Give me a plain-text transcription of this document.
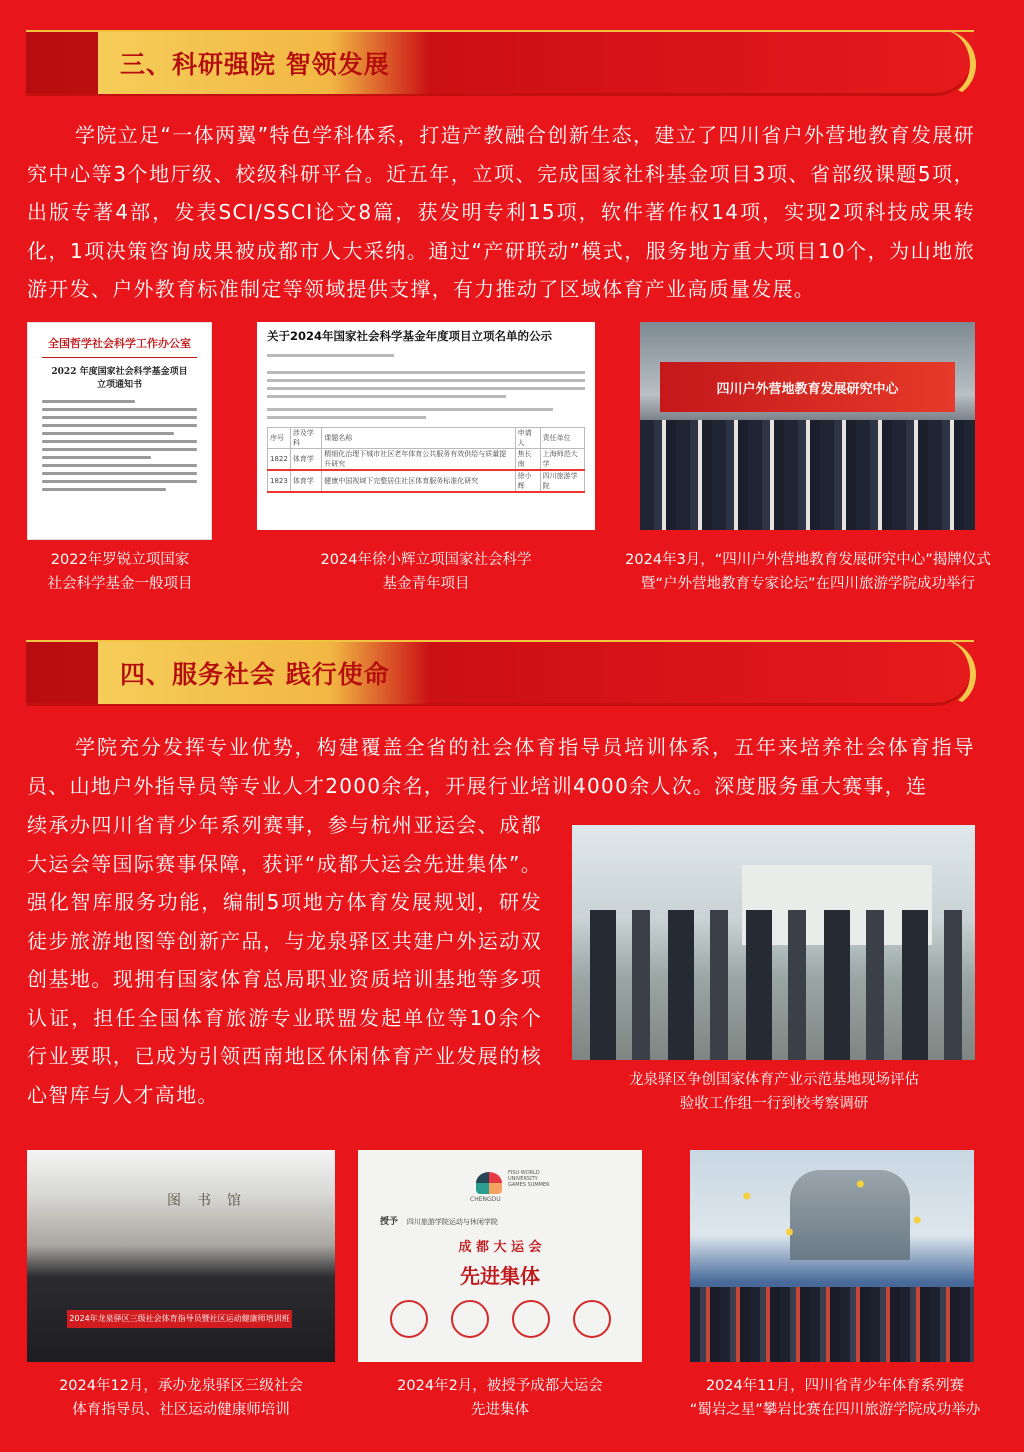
三、科研强院 智领发展

学院立足“一体两翼”特色学科体系，打造产教融合创新生态，建立了四川省户外营地教育发展研究中心等3个地厅级、校级科研平台。近五年，立项、完成国家社科基金项目3项、省部级课题5项，出版专著4部，发表SCI/SSCI论文8篇，获发明专利15项，软件著作权14项，实现2项科技成果转化，1项决策咨询成果被成都市人大采纳。通过“产研联动”模式，服务地方重大项目10个，为山地旅游开发、户外教育标准制定等领域提供支撑，有力推动了区域体育产业高质量发展。

全国哲学社会科学工作办公室
2022 年度国家社会科学基金项目
立项通知书
2022年罗锐立项国家
社会科学基金一般项目
关于2024年国家社会科学基金年度项目立项名单的公示
序号	涉及学科	课题名称	申请人	责任单位
1822	体育学	精细化治理下城市社区老年体育公共服务有效供给与质量提升研究	焦长南	上海师范大学
1823	体育学	健康中国视域下完整居住社区体育服务标准化研究	徐小辉	四川旅游学院
2024年徐小辉立项国家社会科学
基金青年项目
四川户外营地教育发展研究中心
2024年3月，“四川户外营地教育发展研究中心”揭牌仪式
暨“户外营地教育专家论坛”在四川旅游学院成功举行
四、服务社会 践行使命

学院充分发挥专业优势，构建覆盖全省的社会体育指导员培训体系，五年来培养社会体育指导员、山地户外指导员等专业人才2000余名，开展行业培训4000余人次。深度服务重大赛事，连

续承办四川省青少年系列赛事，参与杭州亚运会、成都大运会等国际赛事保障，获评“成都大运会先进集体”。强化智库服务功能，编制5项地方体育发展规划，研发徒步旅游地图等创新产品，与龙泉驿区共建户外运动双创基地。现拥有国家体育总局职业资质培训基地等多项认证，担任全国体育旅游专业联盟发起单位等10余个行业要职，已成为引领西南地区休闲体育产业发展的核心智库与人才高地。

龙泉驿区争创国家体育产业示范基地现场评估
验收工作组一行到校考察调研
图书馆
2024年龙泉驿区三级社会体育指导员暨社区运动健康师培训班
2024年12月，承办龙泉驿区三级社会
体育指导员、社区运动健康师培训
CHENGDU
FISU WORLD UNIVERSITY GAMES SUMMER
授予 四川旅游学院运动与休闲学院
成 都 大 运 会
先进集体
2024年2月，被授予成都大运会
先进集体
2024年11月，四川省青少年体育系列赛
“蜀岩之星”攀岩比赛在四川旅游学院成功举办
